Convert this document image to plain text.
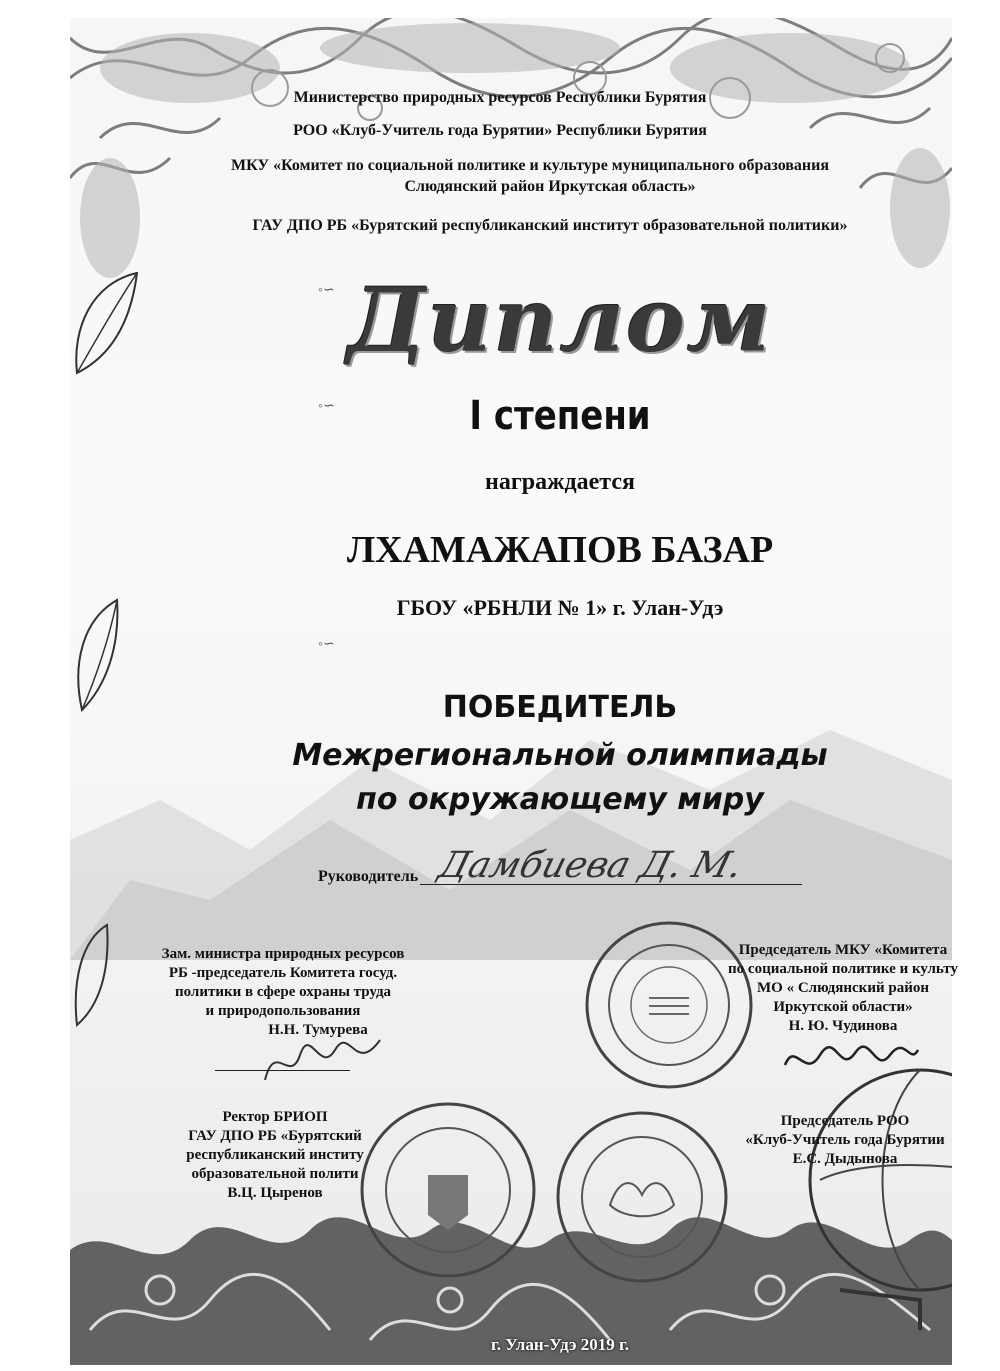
◦∽
◦∽
◦∽
Министерство природных ресурсов Республики Бурятия
РОО «Клуб-Учитель года Бурятии» Республики Бурятия
МКУ «Комитет по социальной политике и культуре муниципального образования
Слюдянский район Иркутская область»
ГАУ ДПО РБ «Бурятский республиканский институт образовательной политики»
Диплом
I степени
награждается
ЛХАМАЖАПОВ БАЗАР
ГБОУ «РБНЛИ № 1» г. Улан-Удэ
ПОБЕДИТЕЛЬ
Межрегиональной олимпиады
по окружающему миру
Руководитель Дамбиева Д. М.
Зам. министра природных ресурсов
РБ -председатель Комитета госуд.
политики в сфере охраны труда
и природопользования
Н.Н. Тумурева
Председатель МКУ «Комитета
по социальной политике и культу
МО « Слюдянский район
Иркутской области»
Н. Ю. Чудинова
Ректор БРИОП
ГАУ ДПО РБ «Бурятский
республиканский институ
образовательной полити
В.Ц. Цыренов
Председатель РОО
«Клуб-Учитель года Бурятии
Е.С. Дыдынова
г. Улан-Удэ 2019 г.
